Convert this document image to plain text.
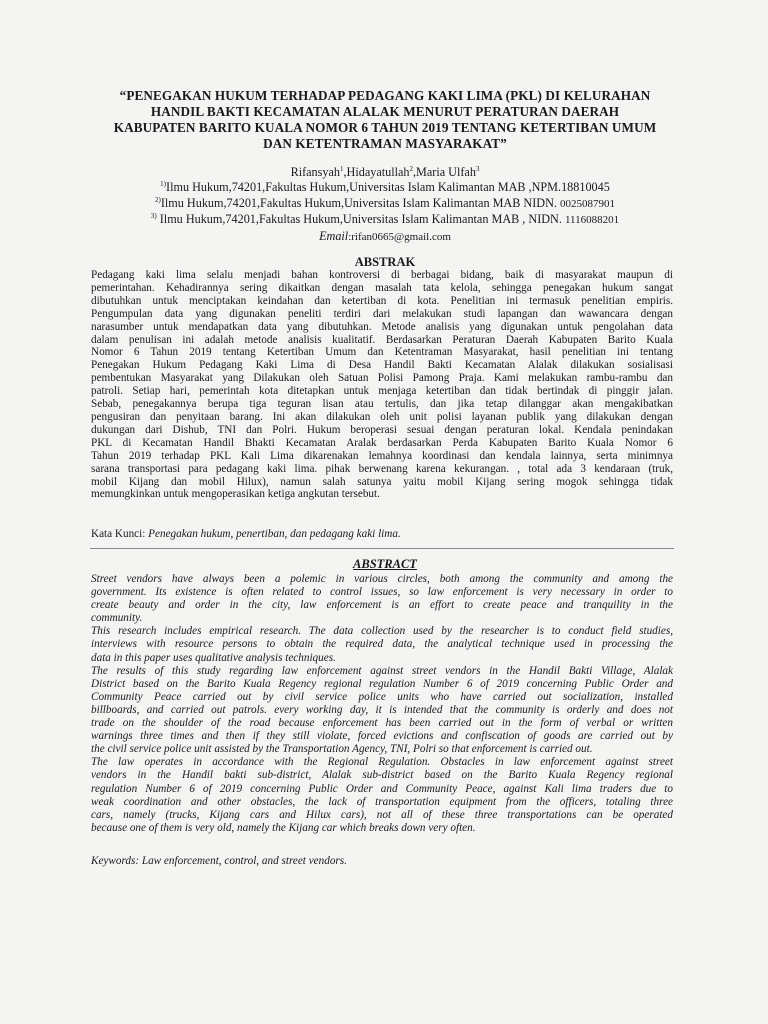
“PENEGAKAN HUKUM TERHADAP PEDAGANG KAKI LIMA (PKL) DI KELURAHAN
HANDIL BAKTI KECAMATAN ALALAK MENURUT PERATURAN DAERAH
KABUPATEN BARITO KUALA NOMOR 6 TAHUN 2019 TENTANG KETERTIBAN UMUM
DAN KETENTRAMAN MASYARAKAT”
Rifansyah$^1$,Hidayatullah$^2$,Maria Ulfah$^3$
$^{1)}$Ilmu Hukum,74201,Fakultas Hukum,Universitas Islam Kalimantan MAB ,NPM.18810045
$^{2)}$Ilmu Hukum,74201,Fakultas Hukum,Universitas Islam Kalimantan MAB NIDN. 0025087901
$^{3)}$ Ilmu Hukum,74201,Fakultas Hukum,Universitas Islam Kalimantan MAB , NIDN. 1116088201
Email:rifan0665@gmail.com
ABSTRAK
Pedagang kaki lima selalu menjadi bahan kontroversi di berbagai bidang, baik di masyarakat maupun di
pemerintahan. Kehadirannya sering dikaitkan dengan masalah tata kelola, sehingga penegakan hukum sangat
dibutuhkan untuk menciptakan keindahan dan ketertiban di kota. Penelitian ini termasuk penelitian empiris.
Pengumpulan data yang digunakan peneliti terdiri dari melakukan studi lapangan dan wawancara dengan
narasumber untuk mendapatkan data yang dibutuhkan. Metode analisis yang digunakan untuk pengolahan data
dalam penulisan ini adalah metode analisis kualitatif. Berdasarkan Peraturan Daerah Kabupaten Barito Kuala
Nomor 6 Tahun 2019 tentang Ketertiban Umum dan Ketentraman Masyarakat, hasil penelitian ini tentang
Penegakan Hukum Pedagang Kaki Lima di Desa Handil Bakti Kecamatan Alalak dilakukan sosialisasi
pembentukan Masyarakat yang Dilakukan oleh Satuan Polisi Pamong Praja. Kami melakukan rambu-rambu dan
patroli. Setiap hari, pemerintah kota ditetapkan untuk menjaga ketertiban dan tidak bertindak di pinggir jalan.
Sebab, penegakannya berupa tiga teguran lisan atau tertulis, dan jika tetap dilanggar akan mengakibatkan
pengusiran dan penyitaan barang. Ini akan dilakukan oleh unit polisi layanan publik yang dilakukan dengan
dukungan dari Dishub, TNI dan Polri. Hukum beroperasi sesuai dengan peraturan lokal. Kendala penindakan
PKL di Kecamatan Handil Bhakti Kecamatan Aralak berdasarkan Perda Kabupaten Barito Kuala Nomor 6
Tahun 2019 terhadap PKL Kali Lima dikarenakan lemahnya koordinasi dan kendala lainnya, serta minimnya
sarana transportasi para pedagang kaki lima. pihak berwenang karena kekurangan. , total ada 3 kendaraan (truk,
mobil Kijang dan mobil Hilux), namun salah satunya yaitu mobil Kijang sering mogok sehingga tidak
memungkinkan untuk mengoperasikan ketiga angkutan tersebut.
Kata Kunci: Penegakan hukum, penertiban, dan pedagang kaki lima.
ABSTRACT
Street vendors have always been a polemic in various circles, both among the community and among the
government. Its existence is often related to control issues, so law enforcement is very necessary in order to
create beauty and order in the city, law enforcement is an effort to create peace and tranquility in the
community.
This research includes empirical research. The data collection used by the researcher is to conduct field studies,
interviews with resource persons to obtain the required data, the analytical technique used in processing the
data in this paper uses qualitative analysis techniques.
The results of this study regarding law enforcement against street vendors in the Handil Bakti Village, Alalak
District based on the Barito Kuala Regency regional regulation Number 6 of 2019 concerning Public Order and
Community Peace carried out by civil service police units who have carried out socialization, installed
billboards, and carried out patrols. every working day, it is intended that the community is orderly and does not
trade on the shoulder of the road because enforcement has been carried out in the form of verbal or written
warnings three times and then if they still violate, forced evictions and confiscation of goods are carried out by
the civil service police unit assisted by the Transportation Agency, TNI, Polri so that enforcement is carried out.
The law operates in accordance with the Regional Regulation. Obstacles in law enforcement against street
vendors in the Handil bakti sub-district, Alalak sub-district based on the Barito Kuala Regency regional
regulation Number 6 of 2019 concerning Public Order and Community Peace, against Kali lima traders due to
weak coordination and other obstacles, the lack of transportation equipment from the officers, totaling three
cars, namely (trucks, Kijang cars and Hilux cars), not all of these three transportations can be operated
because one of them is very old, namely the Kijang car which breaks down very often.
Keywords: Law enforcement, control, and street vendors.
